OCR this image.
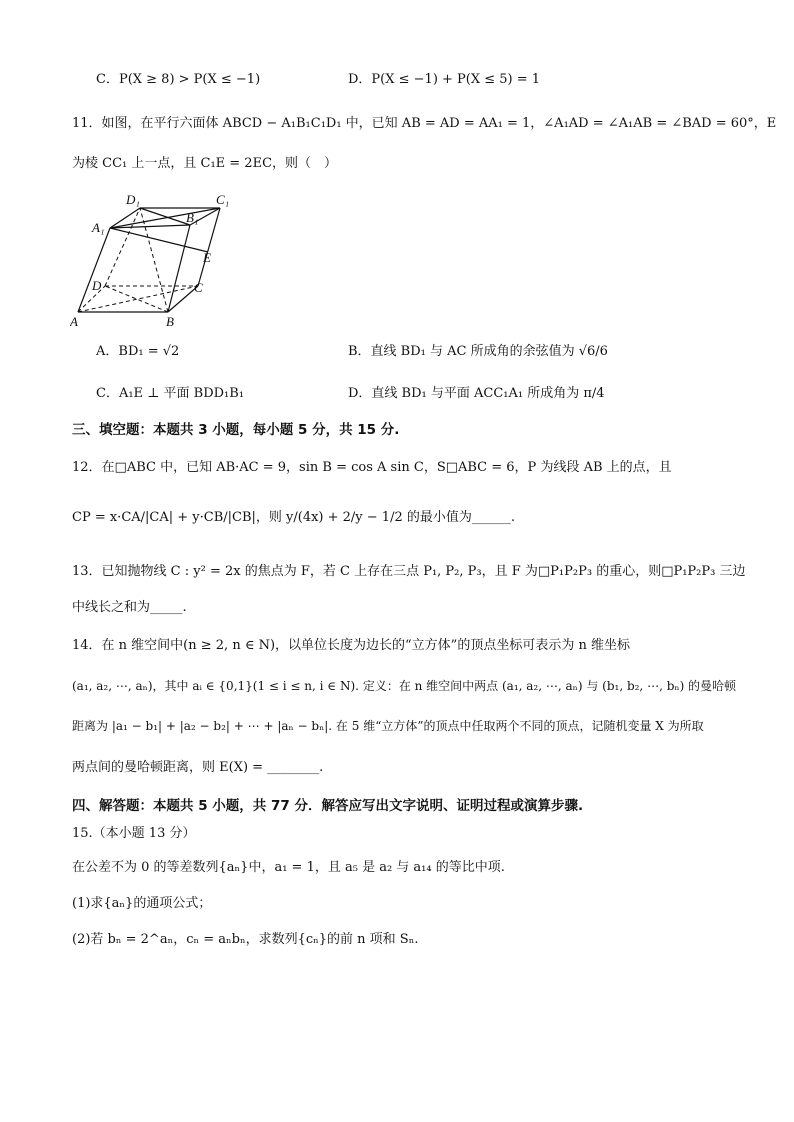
C．P(X ≥ 8) > P(X ≤ −1)	D．P(X ≤ −1) + P(X ≤ 5) = 1
11．如图，在平行六面体 ABCD − A₁B₁C₁D₁ 中，已知 AB = AD = AA₁ = 1，∠A₁AD = ∠A₁AB = ∠BAD = 60°，E
为棱 CC₁ 上一点，且 C₁E = 2EC，则（　）
D₁	C₁
A₁
B₁
E
D	C
A	B
A．BD₁ = √2	B．直线 BD₁ 与 AC 所成角的余弦值为 √6/6
C．A₁E ⊥ 平面 BDD₁B₁	D．直线 BD₁ 与平面 ACC₁A₁ 所成角为 π/4
三、填空题：本题共 3 小题，每小题 5 分，共 15 分.
12．在□ABC 中，已知 AB·AC = 9，sin B = cos A sin C，S□ABC = 6，P 为线段 AB 上的点，且
CP = x·CA/|CA| + y·CB/|CB|，则 y/(4x) + 2/y − 1/2 的最小值为______.
13．已知抛物线 C : y² = 2x 的焦点为 F，若 C 上存在三点 P₁, P₂, P₃，且 F 为□P₁P₂P₃ 的重心，则□P₁P₂P₃ 三边
中线长之和为_____.
14．在 n 维空间中(n ≥ 2, n ∈ N)，以单位长度为边长的“立方体”的顶点坐标可表示为 n 维坐标
(a₁, a₂, ⋯, aₙ)，其中 aᵢ ∈ {0,1}(1 ≤ i ≤ n, i ∈ N). 定义：在 n 维空间中两点 (a₁, a₂, ⋯, aₙ) 与 (b₁, b₂, ⋯, bₙ) 的曼哈顿
距离为 |a₁ − b₁| + |a₂ − b₂| + ⋯ + |aₙ − bₙ|. 在 5 维“立方体”的顶点中任取两个不同的顶点，记随机变量 X 为所取
两点间的曼哈顿距离，则 E(X) = ________.
四、解答题：本题共 5 小题，共 77 分．解答应写出文字说明、证明过程或演算步骤.
15.（本小题 13 分）
在公差不为 0 的等差数列{aₙ}中，a₁ = 1，且 a₅ 是 a₂ 与 a₁₄ 的等比中项.
(1)求{aₙ}的通项公式；
(2)若 bₙ = 2^aₙ，cₙ = aₙbₙ，求数列{cₙ}的前 n 项和 Sₙ.
